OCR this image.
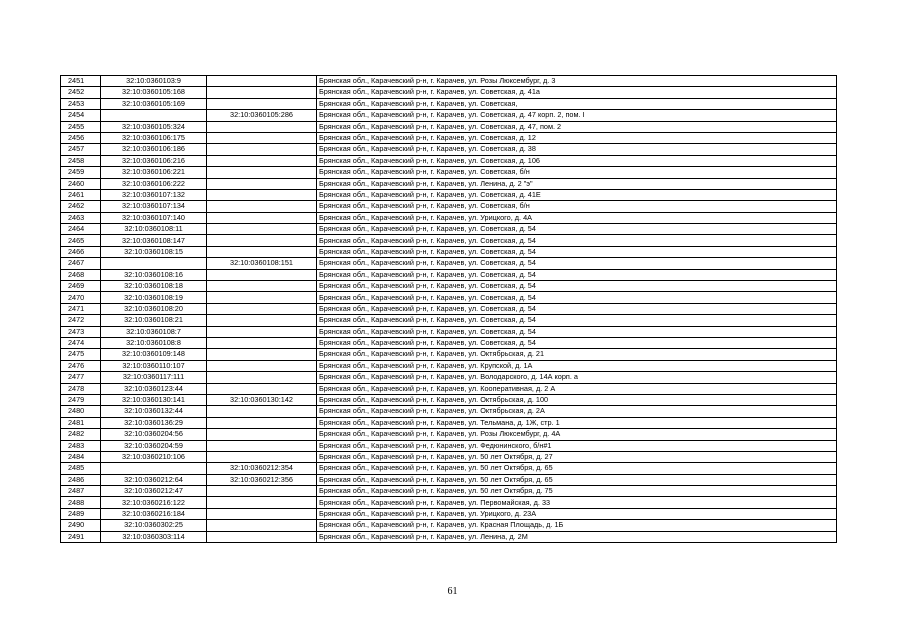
2451	32:10:0360103:9		Брянская обл., Карачевский р-н, г. Карачев, ул. Розы Люксембург, д. 3
2452	32:10:0360105:168		Брянская обл., Карачевский р-н, г. Карачев, ул. Советская, д. 41а
2453	32:10:0360105:169		Брянская обл., Карачевский р-н, г. Карачев, ул. Советская,
2454		32:10:0360105:286	Брянская обл., Карачевский р-н, г. Карачев, ул. Советская, д. 47 корп. 2, пом. I
2455	32:10:0360105:324		Брянская обл., Карачевский р-н, г. Карачев, ул. Советская, д. 47, пом. 2
2456	32:10:0360106:175		Брянская обл., Карачевский р-н, г. Карачев, ул. Советская, д. 12
2457	32:10:0360106:186		Брянская обл., Карачевский р-н, г. Карачев, ул. Советская, д. 38
2458	32:10:0360106:216		Брянская обл., Карачевский р-н, г. Карачев, ул. Советская, д. 106
2459	32:10:0360106:221		Брянская обл., Карачевский р-н, г. Карачев, ул. Советская, б/н
2460	32:10:0360106:222		Брянская обл., Карачевский р-н, г. Карачев, ул. Ленина, д. 2 "э"
2461	32:10:0360107:132		Брянская обл., Карачевский р-н, г. Карачев, ул. Советская, д. 41Е
2462	32:10:0360107:134		Брянская обл., Карачевский р-н, г. Карачев, ул. Советская, б/н
2463	32:10:0360107:140		Брянская обл., Карачевский р-н, г. Карачев, ул. Урицкого, д. 4А
2464	32:10:0360108:11		Брянская обл., Карачевский р-н, г. Карачев, ул. Советская, д. 54
2465	32:10:0360108:147		Брянская обл., Карачевский р-н, г. Карачев, ул. Советская, д. 54
2466	32:10:0360108:15		Брянская обл., Карачевский р-н, г. Карачев, ул. Советская, д. 54
2467		32:10:0360108:151	Брянская обл., Карачевский р-н, г. Карачев, ул. Советская, д. 54
2468	32:10:0360108:16		Брянская обл., Карачевский р-н, г. Карачев, ул. Советская, д. 54
2469	32:10:0360108:18		Брянская обл., Карачевский р-н, г. Карачев, ул. Советская, д. 54
2470	32:10:0360108:19		Брянская обл., Карачевский р-н, г. Карачев, ул. Советская, д. 54
2471	32:10:0360108:20		Брянская обл., Карачевский р-н, г. Карачев, ул. Советская, д. 54
2472	32:10:0360108:21		Брянская обл., Карачевский р-н, г. Карачев, ул. Советская, д. 54
2473	32:10:0360108:7		Брянская обл., Карачевский р-н, г. Карачев, ул. Советская, д. 54
2474	32:10:0360108:8		Брянская обл., Карачевский р-н, г. Карачев, ул. Советская, д. 54
2475	32:10:0360109:148		Брянская обл., Карачевский р-н, г. Карачев, ул. Октябрьская, д. 21
2476	32:10:0360110:107		Брянская обл., Карачевский р-н, г. Карачев, ул. Крупской, д. 1А
2477	32:10:0360117:111		Брянская обл., Карачевский р-н, г. Карачев, ул. Володарского, д. 14А корп. а
2478	32:10:0360123:44		Брянская обл., Карачевский р-н, г. Карачев, ул. Кооперативная, д. 2 А
2479	32:10:0360130:141	32:10:0360130:142	Брянская обл., Карачевский р-н, г. Карачев, ул. Октябрьская, д. 100
2480	32:10:0360132:44		Брянская обл., Карачевский р-н, г. Карачев, ул. Октябрьская, д. 2А
2481	32:10:0360136:29		Брянская обл., Карачевский р-н, г. Карачев, ул. Тельмана, д. 1Ж, стр. 1
2482	32:10:0360204:56		Брянская обл., Карачевский р-н, г. Карачев, ул. Розы Люксембург, д. 4А
2483	32:10:0360204:59		Брянская обл., Карачевский р-н, г. Карачев, ул. Федюнинского, б/н#1
2484	32:10:0360210:106		Брянская обл., Карачевский р-н, г. Карачев, ул. 50 лет Октября, д. 27
2485		32:10:0360212:354	Брянская обл., Карачевский р-н, г. Карачев, ул. 50 лет Октября, д. 65
2486	32:10:0360212:64	32:10:0360212:356	Брянская обл., Карачевский р-н, г. Карачев, ул. 50 лет Октября, д. 65
2487	32:10:0360212:47		Брянская обл., Карачевский р-н, г. Карачев, ул. 50 лет Октября, д. 75
2488	32:10:0360216:122		Брянская обл., Карачевский р-н, г. Карачев, ул. Первомайская, д. 33
2489	32:10:0360216:184		Брянская обл., Карачевский р-н, г. Карачев, ул. Урицкого, д. 23А
2490	32:10:0360302:25		Брянская обл., Карачевский р-н, г. Карачев, ул. Красная Площадь, д. 1Б
2491	32:10:0360303:114		Брянская обл., Карачевский р-н, г. Карачев, ул. Ленина, д. 2М
61
